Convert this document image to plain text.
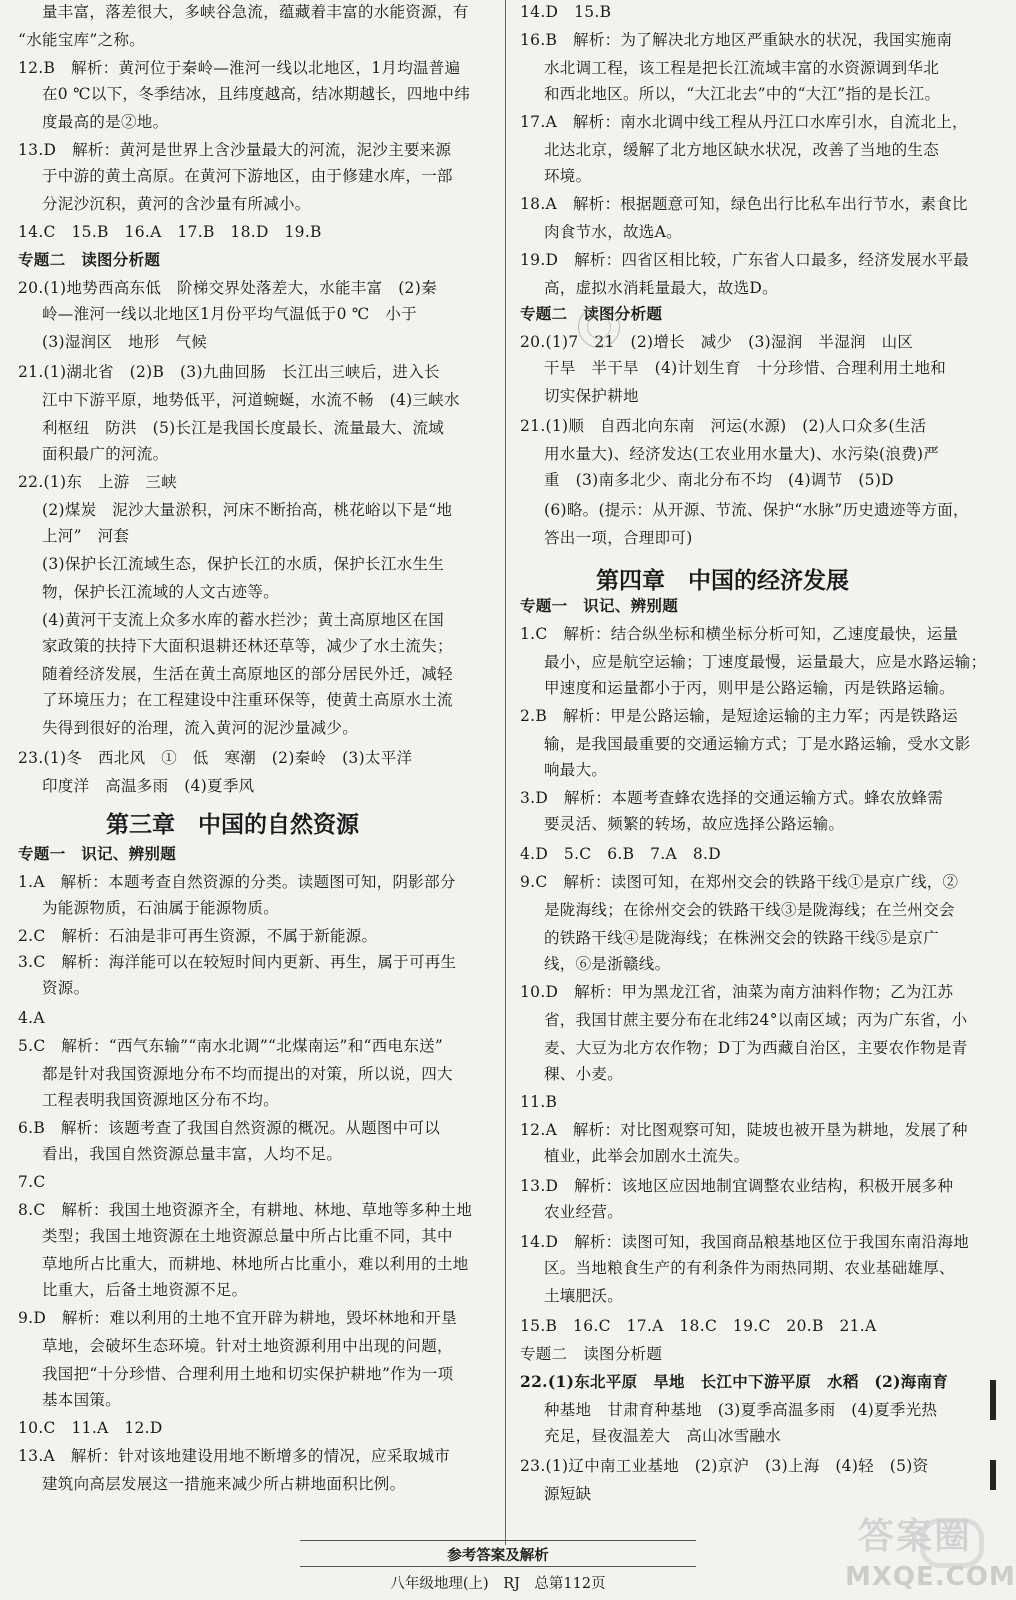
量丰富，落差很大，多峡谷急流，蕴藏着丰富的水能资源，有
“水能宝库”之称。
12.B　解析：黄河位于秦岭—淮河一线以北地区，1月均温普遍
在0 ℃以下，冬季结冰，且纬度越高，结冰期越长，四地中纬
度最高的是②地。
13.D　解析：黄河是世界上含沙量最大的河流，泥沙主要来源
于中游的黄土高原。在黄河下游地区，由于修建水库，一部
分泥沙沉积，黄河的含沙量有所减小。
14.C　15.B　16.A　17.B　18.D　19.B
专题二　读图分析题
20.(1)地势西高东低　阶梯交界处落差大，水能丰富　(2)秦
岭—淮河一线以北地区1月份平均气温低于0 ℃　小于
(3)湿润区　地形　气候
21.(1)湖北省　(2)B　(3)九曲回肠　长江出三峡后，进入长
江中下游平原，地势低平，河道蜿蜒，水流不畅　(4)三峡水
利枢纽　防洪　(5)长江是我国长度最长、流量最大、流域
面积最广的河流。
22.(1)东　上游　三峡
(2)煤炭　泥沙大量淤积，河床不断抬高，桃花峪以下是“地
上河”　河套
(3)保护长江流域生态，保护长江的水质，保护长江水生生
物，保护长江流域的人文古迹等。
(4)黄河干支流上众多水库的蓄水拦沙；黄土高原地区在国
家政策的扶持下大面积退耕还林还草等，减少了水土流失；
随着经济发展，生活在黄土高原地区的部分居民外迁，减轻
了环境压力；在工程建设中注重环保等，使黄土高原水土流
失得到很好的治理，流入黄河的泥沙量减少。
23.(1)冬　西北风　①　低　寒潮　(2)秦岭　(3)太平洋
印度洋　高温多雨　(4)夏季风
专题一　识记、辨别题
1.A　解析：本题考查自然资源的分类。读题图可知，阴影部分
为能源物质，石油属于能源物质。
2.C　解析：石油是非可再生资源，不属于新能源。
3.C　解析：海洋能可以在较短时间内更新、再生，属于可再生
资源。
4.A
5.C　解析：“西气东输”“南水北调”“北煤南运”和“西电东送”
都是针对我国资源地分布不均而提出的对策，所以说，四大
工程表明我国资源地区分布不均。
6.B　解析：该题考查了我国自然资源的概况。从题图中可以
看出，我国自然资源总量丰富，人均不足。
7.C
8.C　解析：我国土地资源齐全，有耕地、林地、草地等多种土地
类型；我国土地资源在土地资源总量中所占比重不同，其中
草地所占比重大，而耕地、林地所占比重小，难以利用的土地
比重大，后备土地资源不足。
9.D　解析：难以利用的土地不宜开辟为耕地，毁坏林地和开垦
草地，会破坏生态环境。针对土地资源利用中出现的问题，
我国把“十分珍惜、合理利用土地和切实保护耕地”作为一项
基本国策。
10.C　11.A　12.D
13.A　解析：针对该地建设用地不断增多的情况，应采取城市
建筑向高层发展这一措施来减少所占耕地面积比例。
第三章　中国的自然资源
14.D　15.B
16.B　解析：为了解决北方地区严重缺水的状况，我国实施南
水北调工程，该工程是把长江流域丰富的水资源调到华北
和西北地区。所以，“大江北去”中的“大江”指的是长江。
17.A　解析：南水北调中线工程从丹江口水库引水，自流北上，
北达北京，缓解了北方地区缺水状况，改善了当地的生态
环境。
18.A　解析：根据题意可知，绿色出行比私车出行节水，素食比
肉食节水，故选A。
19.D　解析：四省区相比较，广东省人口最多，经济发展水平最
高，虚拟水消耗量最大，故选D。
专题二　读图分析题
20.(1)7　21　(2)增长　减少　(3)湿润　半湿润　山区
干旱　半干旱　(4)计划生育　十分珍惜、合理利用土地和
切实保护耕地
21.(1)顺　自西北向东南　河运(水源)　(2)人口众多(生活
用水量大)、经济发达(工农业用水量大)、水污染(浪费)严
重　(3)南多北少、南北分布不均　(4)调节　(5)D
(6)略。(提示：从开源、节流、保护“水脉”历史遗迹等方面，
答出一项，合理即可)
专题一　识记、辨别题
1.C　解析：结合纵坐标和横坐标分析可知，乙速度最快，运量
最小，应是航空运输；丁速度最慢，运量最大，应是水路运输；
甲速度和运量都小于丙，则甲是公路运输，丙是铁路运输。
2.B　解析：甲是公路运输，是短途运输的主力军；丙是铁路运
输，是我国最重要的交通运输方式；丁是水路运输，受水文影
响最大。
3.D　解析：本题考查蜂农选择的交通运输方式。蜂农放蜂需
要灵活、频繁的转场，故应选择公路运输。
4.D　5.C　6.B　7.A　8.D
9.C　解析：读图可知，在郑州交会的铁路干线①是京广线，②
是陇海线；在徐州交会的铁路干线③是陇海线；在兰州交会
的铁路干线④是陇海线；在株洲交会的铁路干线⑤是京广
线，⑥是浙赣线。
10.D　解析：甲为黑龙江省，油菜为南方油料作物；乙为江苏
省，我国甘蔗主要分布在北纬24°以南区域；丙为广东省，小
麦、大豆为北方农作物；D丁为西藏自治区，主要农作物是青
稞、小麦。
11.B
12.A　解析：对比图观察可知，陡坡也被开垦为耕地，发展了种
植业，此举会加剧水土流失。
13.D　解析：该地区应因地制宜调整农业结构，积极开展多种
农业经营。
14.D　解析：读图可知，我国商品粮基地区位于我国东南沿海地
区。当地粮食生产的有利条件为雨热同期、农业基础雄厚、
土壤肥沃。
15.B　16.C　17.A　18.C　19.C　20.B　21.A
专题二　读图分析题
22.(1)东北平原　旱地　长江中下游平原　水稻　(2)海南育
种基地　甘肃育种基地　(3)夏季高温多雨　(4)夏季光热
充足，昼夜温差大　高山冰雪融水
23.(1)辽中南工业基地　(2)京沪　(3)上海　(4)轻　(5)资
源短缺
第四章　中国的经济发展
参考答案及解析
八年级地理(上)　RJ　总第112页
答案圈
MXQE.COM
